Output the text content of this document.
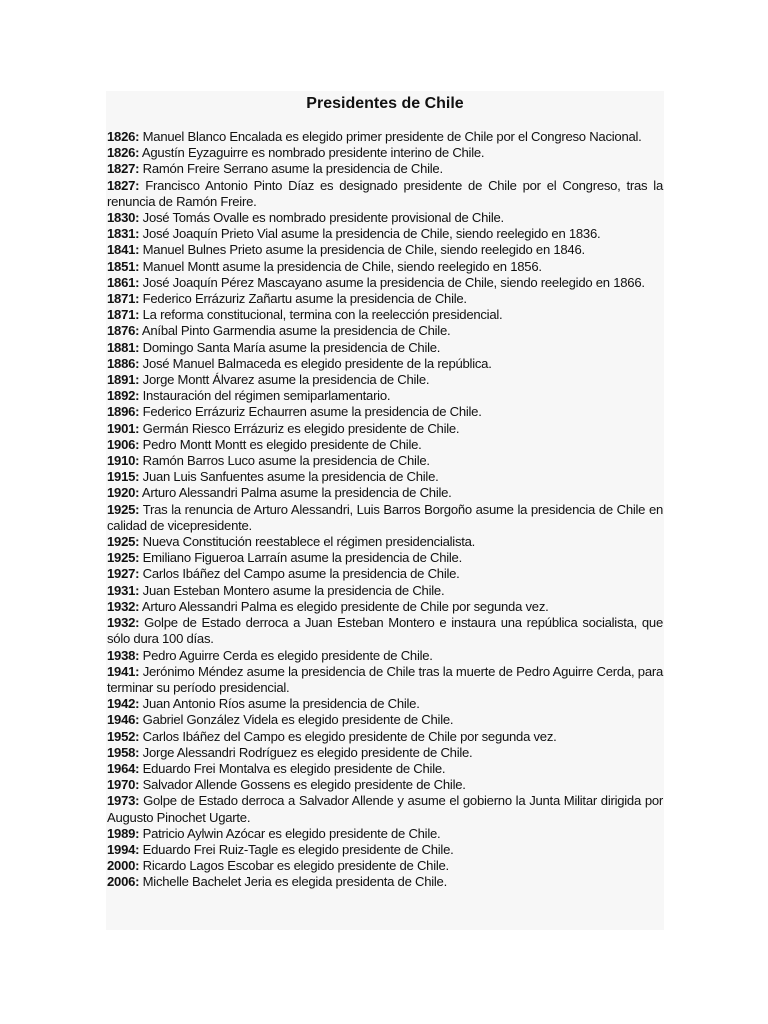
Presidentes de Chile
1826: Manuel Blanco Encalada es elegido primer presidente de Chile por el Congreso Nacional.
1826: Agustín Eyzaguirre es nombrado presidente interino de Chile.
1827: Ramón Freire Serrano asume la presidencia de Chile.
1827: Francisco Antonio Pinto Díaz es designado presidente de Chile por el Congreso, tras la renuncia de Ramón Freire.
1830: José Tomás Ovalle es nombrado presidente provisional de Chile.
1831: José Joaquín Prieto Vial asume la presidencia de Chile, siendo reelegido en 1836.
1841: Manuel Bulnes Prieto asume la presidencia de Chile, siendo reelegido en 1846.
1851: Manuel Montt asume la presidencia de Chile, siendo reelegido en 1856.
1861: José Joaquín Pérez Mascayano asume la presidencia de Chile, siendo reelegido en 1866.
1871: Federico Errázuriz Zañartu asume la presidencia de Chile.
1871: La reforma constitucional, termina con la reelección presidencial.
1876: Aníbal Pinto Garmendia asume la presidencia de Chile.
1881: Domingo Santa María asume la presidencia de Chile.
1886: José Manuel Balmaceda es elegido presidente de la república.
1891: Jorge Montt Álvarez asume la presidencia de Chile.
1892: Instauración del régimen semiparlamentario.
1896: Federico Errázuriz Echaurren asume la presidencia de Chile.
1901: Germán Riesco Errázuriz es elegido presidente de Chile.
1906: Pedro Montt Montt es elegido presidente de Chile.
1910: Ramón Barros Luco asume la presidencia de Chile.
1915: Juan Luis Sanfuentes asume la presidencia de Chile.
1920: Arturo Alessandri Palma asume la presidencia de Chile.
1925: Tras la renuncia de Arturo Alessandri, Luis Barros Borgoño asume la presidencia de Chile en calidad de vicepresidente.
1925: Nueva Constitución reestablece el régimen presidencialista.
1925: Emiliano Figueroa Larraín asume la presidencia de Chile.
1927: Carlos Ibáñez del Campo asume la presidencia de Chile.
1931: Juan Esteban Montero asume la presidencia de Chile.
1932: Arturo Alessandri Palma es elegido presidente de Chile por segunda vez.
1932: Golpe de Estado derroca a Juan Esteban Montero e instaura una república socialista, que sólo dura 100 días.
1938: Pedro Aguirre Cerda es elegido presidente de Chile.
1941: Jerónimo Méndez asume la presidencia de Chile tras la muerte de Pedro Aguirre Cerda, para terminar su período presidencial.
1942: Juan Antonio Ríos asume la presidencia de Chile.
1946: Gabriel González Videla es elegido presidente de Chile.
1952: Carlos Ibáñez del Campo es elegido presidente de Chile por segunda vez.
1958: Jorge Alessandri Rodríguez es elegido presidente de Chile.
1964: Eduardo Frei Montalva es elegido presidente de Chile.
1970: Salvador Allende Gossens es elegido presidente de Chile.
1973: Golpe de Estado derroca a Salvador Allende y asume el gobierno la Junta Militar dirigida por Augusto Pinochet Ugarte.
1989: Patricio Aylwin Azócar es elegido presidente de Chile.
1994: Eduardo Frei Ruiz-Tagle es elegido presidente de Chile.
2000: Ricardo Lagos Escobar es elegido presidente de Chile.
2006: Michelle Bachelet Jeria es elegida presidenta de Chile.
